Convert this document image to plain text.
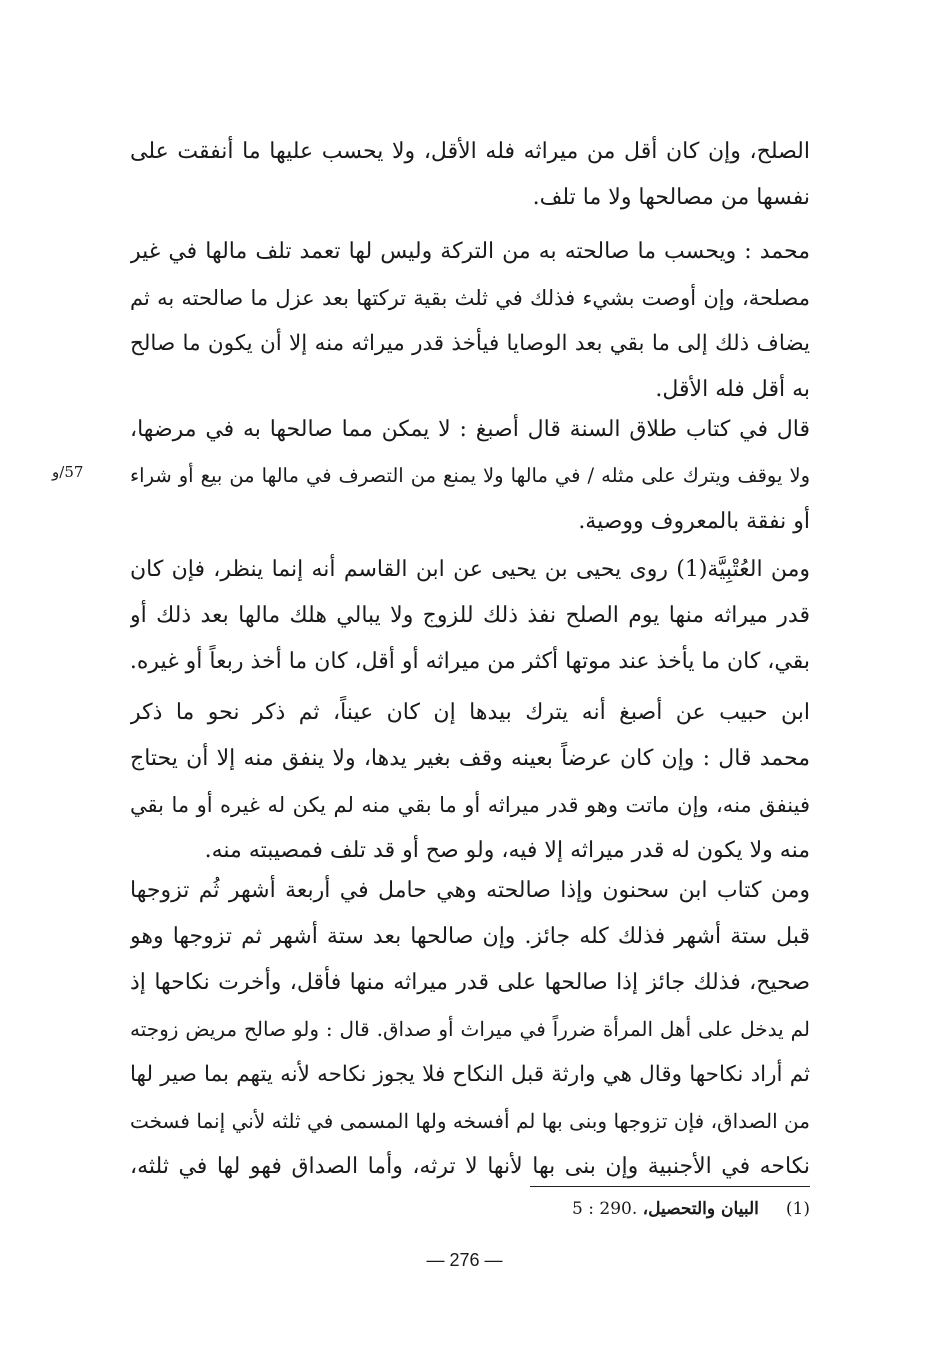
الصلح، وإن كان أقل من ميراثه فله الأقل، ولا يحسب عليها ما أنفقت على
نفسها من مصالحها ولا ما تلف.
محمد : ويحسب ما صالحته به من التركة وليس لها تعمد تلف مالها في غير
مصلحة، وإن أوصت بشيء فذلك في ثلث بقية تركتها بعد عزل ما صالحته به ثم
يضاف ذلك إلى ما بقي بعد الوصايا فيأخذ قدر ميراثه منه إلا أن يكون ما صالح
به أقل فله الأقل.
قال في كتاب طلاق السنة قال أصبغ : لا يمكن مما صالحها به في مرضها،
ولا يوقف ويترك على مثله / في مالها ولا يمنع من التصرف في مالها من بيع أو شراء
أو نفقة بالمعروف ووصية.
57/و
ومن العُتْبِيَّة(1) روى يحيى بن يحيى عن ابن القاسم أنه إنما ينظر، فإن كان
قدر ميراثه منها يوم الصلح نفذ ذلك للزوج ولا يبالي هلك مالها بعد ذلك أو
بقي، كان ما يأخذ عند موتها أكثر من ميراثه أو أقل، كان ما أخذ ربعاً أو غيره.
ابن حبيب عن أصبغ أنه يترك بيدها إن كان عيناً، ثم ذكر نحو ما ذكر
محمد قال : وإن كان عرضاً بعينه وقف بغير يدها، ولا ينفق منه إلا أن يحتاج
فينفق منه، وإن ماتت وهو قدر ميراثه أو ما بقي منه لم يكن له غيره أو ما بقي
منه ولا يكون له قدر ميراثه إلا فيه، ولو صح أو قد تلف فمصيبته منه.
ومن كتاب ابن سحنون وإذا صالحته وهي حامل في أربعة أشهر ثُم تزوجها
قبل ستة أشهر فذلك كله جائز. وإن صالحها بعد ستة أشهر ثم تزوجها وهو
صحيح، فذلك جائز إذا صالحها على قدر ميراثه منها فأقل، وأخرت نكاحها إذ
لم يدخل على أهل المرأة ضرراً في ميراث أو صداق. قال : ولو صالح مريض زوجته
ثم أراد نكاحها وقال هي وارثة قبل النكاح فلا يجوز نكاحه لأنه يتهم بما صير لها
من الصداق، فإن تزوجها وبنى بها لم أفسخه ولها المسمى في ثلثه لأني إنما فسخت
نكاحه في الأجنبية وإن بنى بها لأنها لا ترثه، وأما الصداق فهو لها في ثلثه،
(1)     البيان والتحصيل، 5 : 290.
— 276 —
